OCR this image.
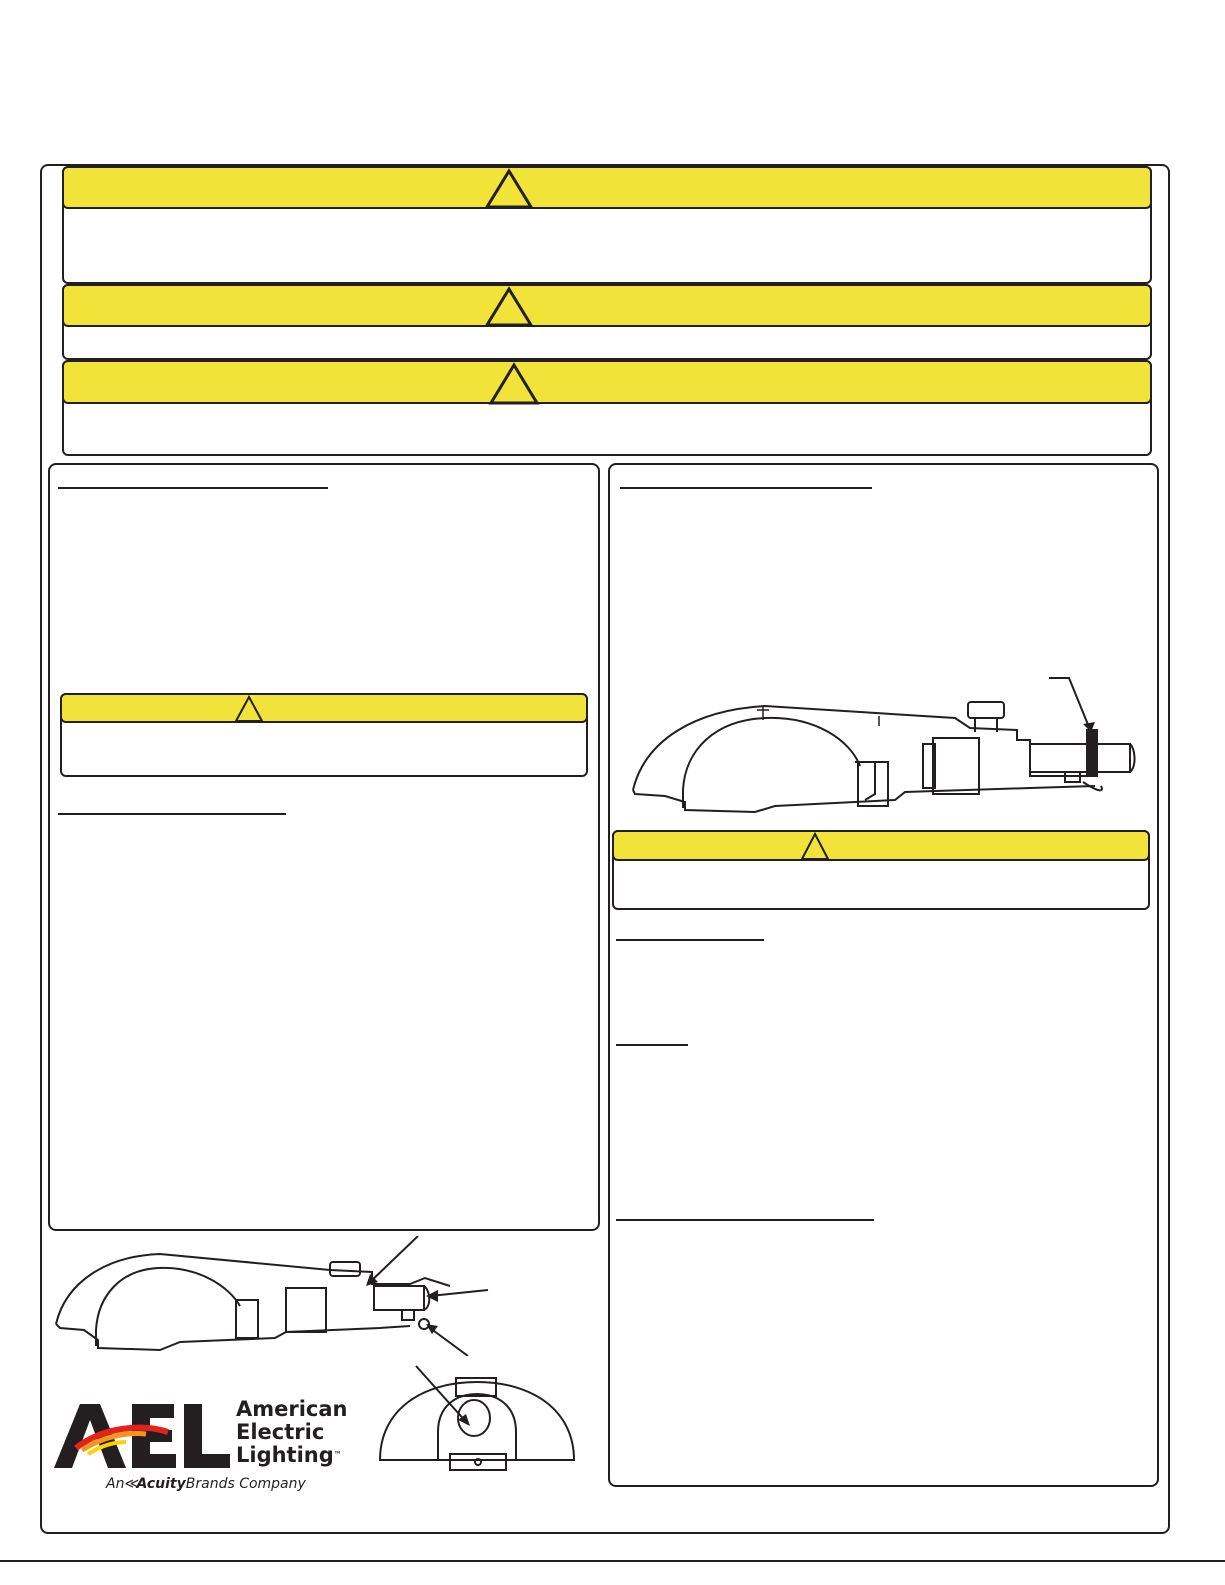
American
Electric
Lighting™
An≪AcuityBrands Company
